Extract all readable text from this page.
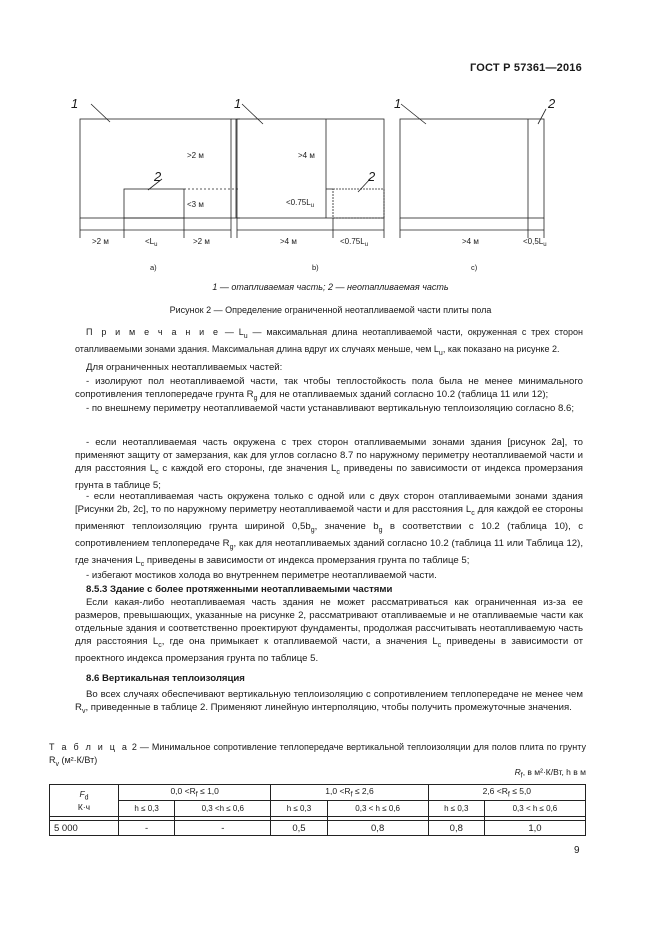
ГОСТ Р 57361—2016
1
2
1
2
1	2
>2 м
<3 м
>2 м	$<L_u$	>2 м
а)
>4 м
$<0.75L_u$
>4 м	$<0.75L_u$
b)
>4 м	$<0,5L_u$
с)
1 — отапливаемая часть; 2 — неотапливаемая часть
Рисунок 2 — Определение ограниченной неотапливаемой части плиты пола
П р и м е ч а н и е — $L_u$ — максимальная длина неотапливаемой части, окруженная с трех сторон отапливаемыми зонами здания. Максимальная длина вдруг их случаях меньше, чем $L_u$, как показано на рисунке 2.
Для ограниченных неотапливаемых частей:
- изолируют пол неотапливаемой части, так чтобы теплостойкость пола была не менее минимального сопротивления теплопередаче грунта $R_g$ для не отапливаемых зданий согласно 10.2 (таблица 11 или 12);
- по внешнему периметру неотапливаемой части устанавливают вертикальную теплоизоляцию согласно 8.6;
- если неотапливаемая часть окружена с трех сторон отапливаемыми зонами здания [рисунок 2а], то применяют защиту от замерзания, как для углов согласно 8.7 по наружному периметру неотапливаемой части и для расстояния $L_c$ с каждой его стороны, где значения $L_c$ приведены по зависимости от индекса промерзания грунта в таблице 5;
- если неотапливаемая часть окружена только с одной или с двух сторон отапливаемыми зонами здания [Рисунки 2b, 2c], то по наружному периметру неотапливаемой части и для расстояния $L_c$ для каждой ее стороны применяют теплоизоляцию грунта шириной $0,5b_g$, значение $b_g$ в соответствии с 10.2 (таблица 10), с сопротивлением теплопередаче $R_g$, как для неотапливаемых зданий согласно 10.2 (таблица 11 или Таблица 12), где значения $L_c$ приведены в зависимости от индекса промерзания грунта по таблице 5;
- избегают мостиков холода во внутреннем периметре неотапливаемой части.
8.5.3 Здание с более протяженными неотапливаемыми частями
Если какая-либо неотапливаемая часть здания не может рассматриваться как ограниченная из-за ее размеров, превышающих, указанные на рисунке 2, рассматривают отапливаемые и не отапливаемые части как отдельные здания и соответственно проектируют фундаменты, продолжая рассчитывать неотапливаемую часть для расстояния $L_c$, где она примыкает к отапливаемой части, а значения $L_c$ приведены в зависимости от проектного индекса промерзания грунта по таблице 5.
8.6 Вертикальная теплоизоляция
Во всех случаях обеспечивают вертикальную теплоизоляцию с сопротивлением теплопередаче не менее чем $R_v$, приведенные в таблице 2. Применяют линейную интерполяцию, чтобы получить промежуточные значения.
Т а б л и ц а 2 — Минимальное сопротивление теплопередаче вертикальной теплоизоляции для полов плита по грунту $R_v$ (м²·К/Вт)
$R_f$, в м²·К/Вт, h в м
$F_d$
К·ч	$0,0 <R_f \le 1,0$		$1,0 <R_f \le 2,6$		$2,6 <R_f \le 5,0$	
	h ≤ 0,3	0,3 <h ≤ 0,6	h ≤ 0,3	0,3 < h ≤ 0,6	h ≤ 0,3	0,3 < h ≤ 0,6

5 000	-	-	0,5	0,8	0,8	1,0
9
